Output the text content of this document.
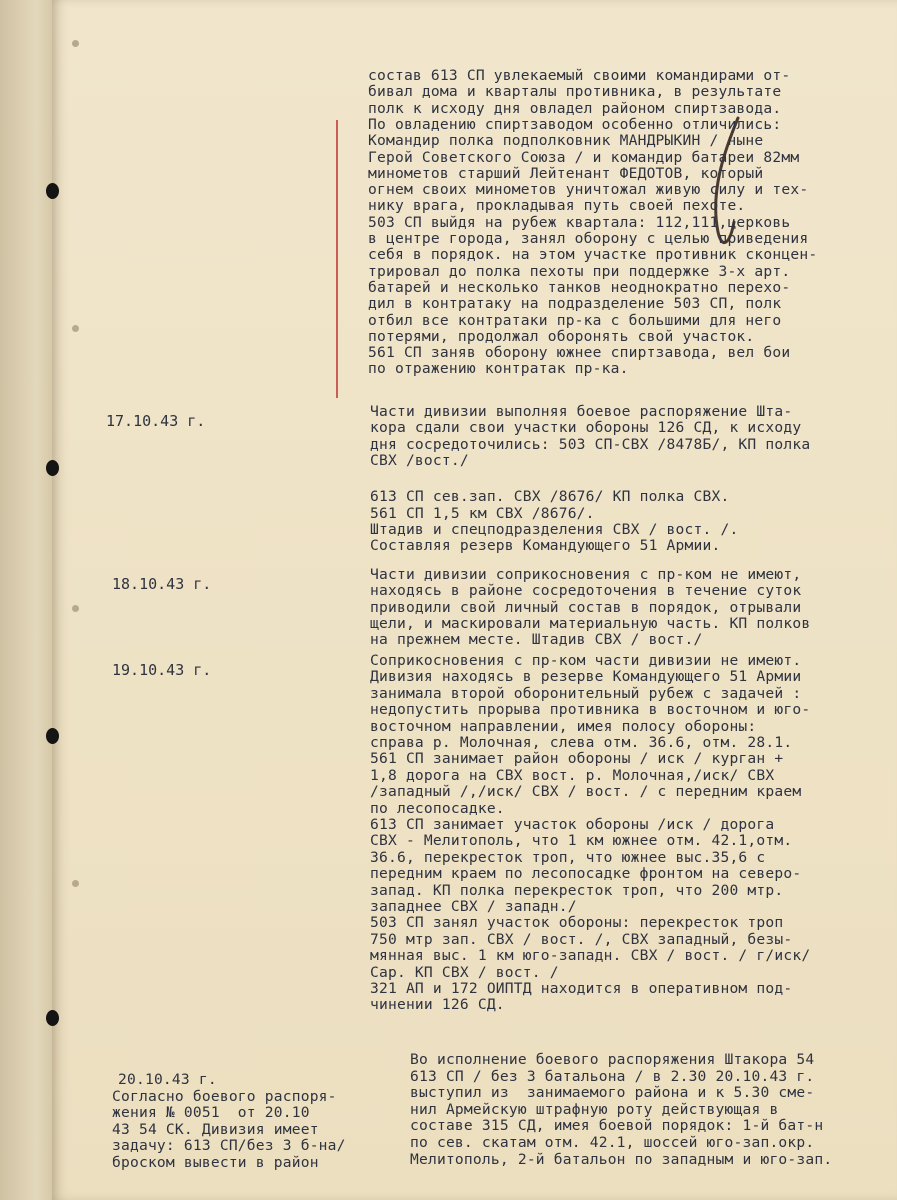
состав 613 СП увлекаемый своими командирами от-
бивал дома и кварталы противника, в результате
полк к исходу дня овладел районом спиртзавода.
По овладению спиртзаводом особенно отличились:
Командир полка подполковник МАНДРЫКИН / ныне
Герой Советского Союза / и командир батареи 82мм
минометов старший Лейтенант ФЕДОТОВ, который
огнем своих минометов уничтожал живую силу и тех-
нику врага, прокладывая путь своей пехоте.
503 СП выйдя на рубеж квартала: 112,111,церковь
в центре города, занял оборону с целью приведения
себя в порядок. на этом участке противник сконцен-
трировал до полка пехоты при поддержке 3-х арт.
батарей и несколько танков неоднократно перехо-
дил в контратаку на подразделение 503 СП, полк
отбил все контратаки пр-ка с большими для него
потерями, продолжал оборонять свой участок.
561 СП заняв оборону южнее спиртзавода, вел бои
по отражению контратак пр-ка.
17.10.43 г.
Части дивизии выполняя боевое распоряжение Шта-
кора сдали свои участки обороны 126 СД, к исходу
дня сосредоточились: 503 СП-СВХ /8478Б/, КП полка
СВХ /вост./
613 СП сев.зап. СВХ /8676/ КП полка СВХ.
561 СП 1,5 км СВХ /8676/.
Штадив и спецподразделения СВХ / вост. /.
Составляя резерв Командующего 51 Армии.
18.10.43 г.
Части дивизии соприкосновения с пр-ком не имеют,
находясь в районе сосредоточения в течение суток
приводили свой личный состав в порядок, отрывали
щели, и маскировали материальную часть. КП полков
на прежнем месте. Штадив СВХ / вост./
19.10.43 г.
Соприкосновения с пр-ком части дивизии не имеют.
Дивизия находясь в резерве Командующего 51 Армии
занимала второй оборонительный рубеж с задачей :
недопустить прорыва противника в восточном и юго-
восточном направлении, имея полосу обороны:
справа р. Молочная, слева отм. 36.6, отм. 28.1.
561 СП занимает район обороны / иск / курган +
1,8 дорога на СВХ вост. р. Молочная,/иск/ СВХ
/западный /,/иск/ СВХ / вост. / с передним краем
по лесопосадке.
613 СП занимает участок обороны /иск / дорога
СВХ - Мелитополь, что 1 км южнее отм. 42.1,отм.
36.6, перекресток троп, что южнее выс.35,6 с
передним краем по лесопосадке фронтом на северо-
запад. КП полка перекресток троп, что 200 мтр.
западнее СВХ / западн./
503 СП занял участок обороны: перекресток троп
750 мтр зап. СВХ / вост. /, СВХ западный, безы-
мянная выс. 1 км юго-западн. СВХ / вост. / г/иск/
Сар. КП СВХ / вост. /
321 АП и 172 ОИПТД находится в оперативном под-
чинении 126 СД.
20.10.43 г.
Согласно боевого распоря-
жения № 0051  от 20.10
43 54 СК. Дивизия имеет
задачу: 613 СП/без 3 б-на/
броском вывести в район
Во исполнение боевого распоряжения Штакора 54
613 СП / без 3 батальона / в 2.30 20.10.43 г.
выступил из  занимаемого района и к 5.30 сме-
нил Армейскую штрафную роту действующая в
составе 315 СД, имея боевой порядок: 1-й бат-н
по сев. скатам отм. 42.1, шоссей юго-зап.окр.
Мелитополь, 2-й батальон по западным и юго-зап.
